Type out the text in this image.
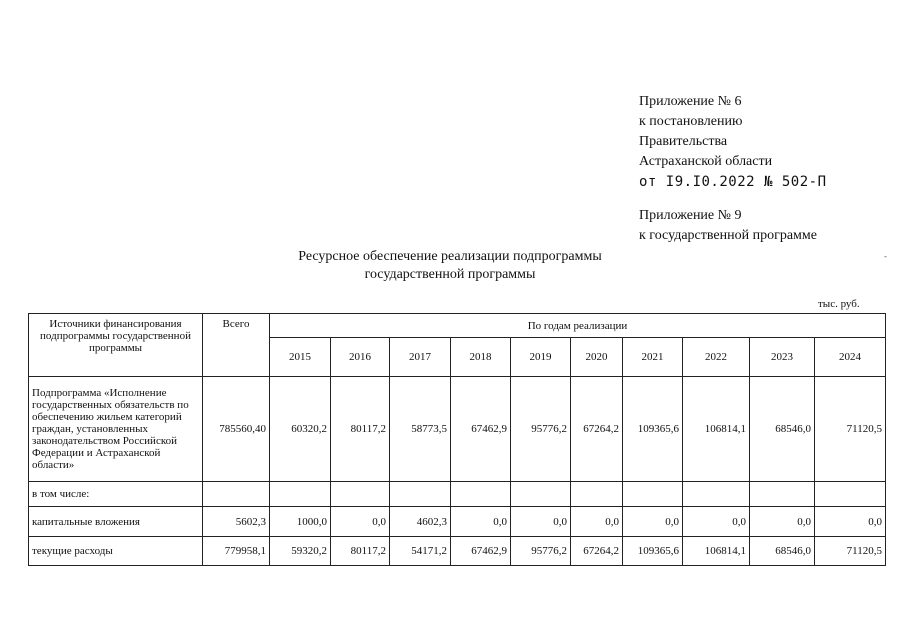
Приложение № 6
к постановлению
Правительства
Астраханской области
от I9.I0.2022 № 502-П
Приложение № 9
к государственной программе
-
Ресурсное обеспечение реализации подпрограммы
государственной программы
тыс. руб.
Источники финансирования подпрограммы государственной программы	Всего	По годам реализации									
		2015	2016	2017	2018	2019	2020	2021	2022	2023	2024
Подпрограмма «Исполнение государственных обязательств по обеспечению жильем категорий граждан, установленных законодательством Российской Федерации и Астраханской области»	785560,40	60320,2	80117,2	58773,5	67462,9	95776,2	67264,2	109365,6	106814,1	68546,0	71120,5
в том числе:											
капитальные вложения	5602,3	1000,0	0,0	4602,3	0,0	0,0	0,0	0,0	0,0	0,0	0,0
текущие расходы	779958,1	59320,2	80117,2	54171,2	67462,9	95776,2	67264,2	109365,6	106814,1	68546,0	71120,5
